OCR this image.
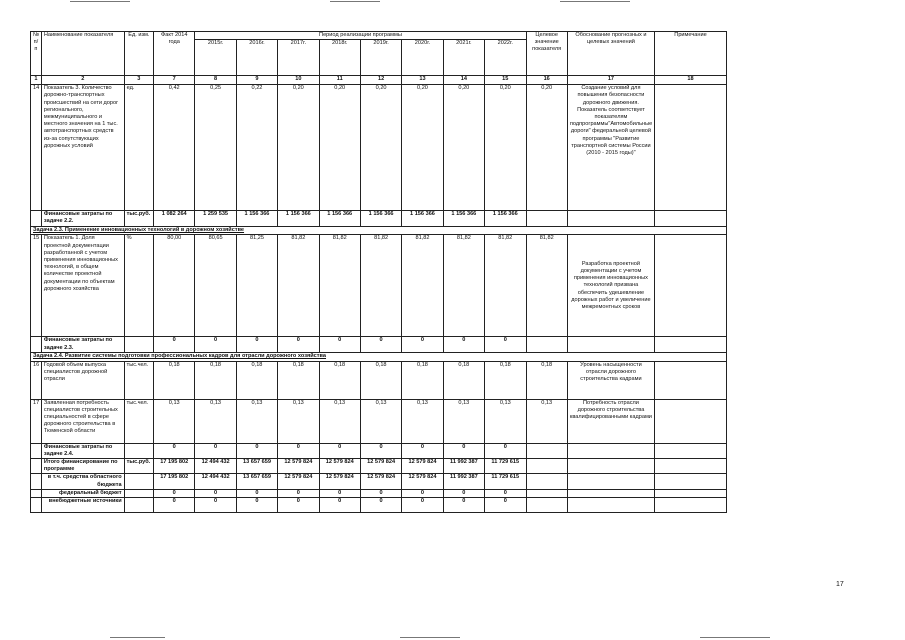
№ п/п	Наименование показателя	Ед. изм.	Факт 2014 года	Период реализации программы								Целевое значение показателя	Обоснование прогнозных и целевых значений	Примечание
				2015г.	2016г.	2017г.	2018г.	2019г.	2020г.	2021г.	2022г.			
1	2	3	7	8	9	10	11	12	13	14	15	16	17	18
14	Показатель 3. Количество дорожно-транспортных происшествий на сети дорог регионального, межмуниципального и местного значения на 1 тыс. автотранспортных средств из-за сопутствующих дорожных условий	ед.	0,42	0,25	0,22	0,20	0,20	0,20	0,20	0,20	0,20	0,20	Создание условий для повышения безопасности дорожного движения. Показатель соответствует показателям подпрограммы"Автомобильные дороги" федеральной целевой программы "Развитие транспортной системы России (2010 - 2015 годы)"	
	Финансовые затраты по задаче 2.2.	тыс.руб.	1 082 264	1 259 535	1 156 366	1 156 366	1 156 366	1 156 366	1 156 366	1 156 366	1 156 366			
Задача 2.3. Применение инновационных технологий в дорожном хозяйстве														
15	Показатель 1. Доля проектной документации разработанной с учетом применения инновационных технологий, в общем количестве проектной документации по объектам дорожного хозяйства	%	80,00	80,65	81,25	81,82	81,82	81,82	81,82	81,82	81,82	81,82	Разработка проектной документации с учетом применения инновационных технологий призвана обеспечить удешевление дорожных работ и увеличение межремонтных сроков	
	Финансовые затраты по задаче 2.3.		0	0	0	0	0	0	0	0	0			
Задача 2.4. Развитие системы подготовки профессиональных кадров для отрасли дорожного хозяйства														
16	Годовой объем выпуска специалистов дорожной отрасли	тыс.чел.	0,18	0,18	0,18	0,18	0,18	0,18	0,18	0,18	0,18	0,18	Уровень насыщенности отрасли дорожного строительства кадрами	
17	Заявленная потребность специалистов строительных специальностей в сфере дорожного строительства в Тюменской области	тыс.чел.	0,13	0,13	0,13	0,13	0,13	0,13	0,13	0,13	0,13	0,13	Потребность отрасли дорожного строительства квалифицированными кадрами	
	Финансовые затраты по задаче 2.4.		0	0	0	0	0	0	0	0	0			
	Итого финансирование по программе	тыс.руб.	17 195 802	12 494 432	13 657 659	12 579 824	12 579 824	12 579 824	12 579 824	11 992 387	11 729 615			
	в т.ч. средства областного бюджета		17 195 802	12 494 432	13 657 659	12 579 824	12 579 824	12 579 824	12 579 824	11 992 387	11 729 615			
	федеральный бюджет		0	0	0	0	0	0	0	0	0			
	внебюджетные источники		0	0	0	0	0	0	0	0	0			
17
